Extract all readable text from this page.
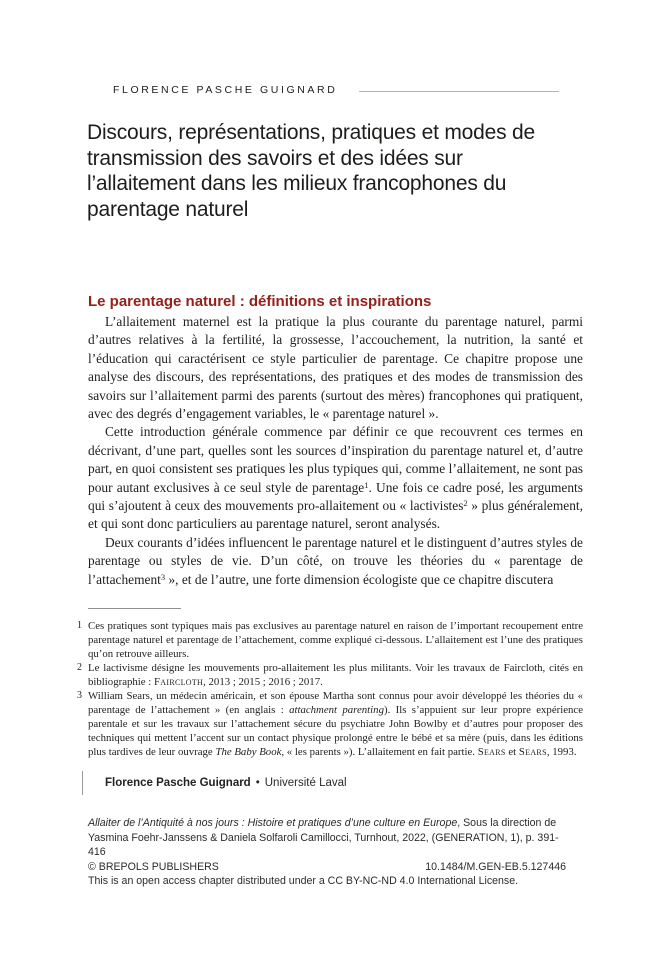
FLORENCE PASCHE GUIGNARD
Discours, représentations, pratiques et modes de transmission des savoirs et des idées sur l’allaitement dans les milieux francophones du parentage naturel
Le parentage naturel : définitions et inspirations

L’allaitement maternel est la pratique la plus courante du parentage naturel, parmi d’autres relatives à la fertilité, la grossesse, l’accouchement, la nutrition, la santé et l’éducation qui caractérisent ce style particulier de parentage. Ce chapitre propose une analyse des discours, des représentations, des pratiques et des modes de transmission des savoirs sur l’allaitement parmi des parents (surtout des mères) francophones qui pratiquent, avec des degrés d’engagement variables, le « parentage naturel ».

Cette introduction générale commence par définir ce que recouvrent ces termes en décrivant, d’une part, quelles sont les sources d’inspiration du parentage naturel et, d’autre part, en quoi consistent ses pratiques les plus typiques qui, comme l’allaitement, ne sont pas pour autant exclusives à ce seul style de parentage$^1$. Une fois ce cadre posé, les arguments qui s’ajoutent à ceux des mouvements pro-allaitement ou « lactivistes$^2$ » plus généralement, et qui sont donc particuliers au parentage naturel, seront analysés.

Deux courants d’idées influencent le parentage naturel et le distinguent d’autres styles de parentage ou styles de vie. D’un côté, on trouve les théories du « parentage de l’attachement$^3$ », et de l’autre, une forte dimension écologiste que ce chapitre discutera

1 Ces pratiques sont typiques mais pas exclusives au parentage naturel en raison de l’important recoupement entre parentage naturel et parentage de l’attachement, comme expliqué ci-dessous. L’allaitement est l’une des pratiques qu’on retrouve ailleurs.
2 Le lactivisme désigne les mouvements pro-allaitement les plus militants. Voir les travaux de Faircloth, cités en bibliographie : Faircloth, 2013 ; 2015 ; 2016 ; 2017.
3 William Sears, un médecin américain, et son épouse Martha sont connus pour avoir développé les théories du « parentage de l’attachement » (en anglais : attachment parenting). Ils s’appuient sur leur propre expérience parentale et sur les travaux sur l’attachement sécure du psychiatre John Bowlby et d’autres pour proposer des techniques qui mettent l’accent sur un contact physique prolongé entre le bébé et sa mère (puis, dans les éditions plus tardives de leur ouvrage The Baby Book, « les parents »). L’allaitement en fait partie. Sears et Sears, 1993.
Florence Pasche Guignard • Université Laval

Allaiter de l’Antiquité à nos jours : Histoire et pratiques d’une culture en Europe, Sous la direction de Yasmina Foehr-Janssens & Daniela Solfaroli Camillocci, Turnhout, 2022, (GENERATION, 1), p. 391-416

© BREPOLS PUBLISHERS	10.1484/M.GEN-EB.5.127446
This is an open access chapter distributed under a CC BY-NC-ND 4.0 International License.
